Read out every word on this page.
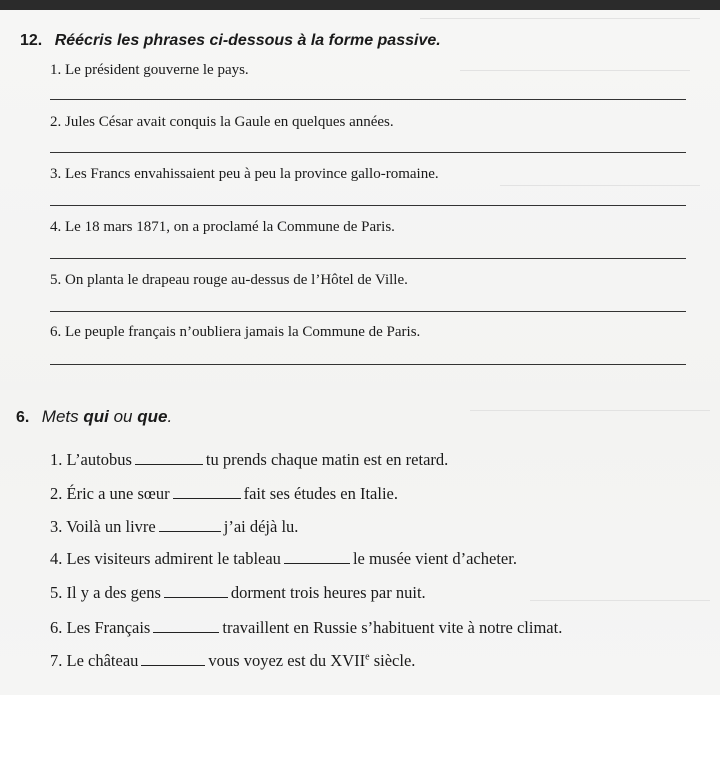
12. Réécris les phrases ci-dessous à la forme passive.
1. Le président gouverne le pays.
2. Jules César avait conquis la Gaule en quelques années.
3. Les Francs envahissaient peu à peu la province gallo-romaine.
4. Le 18 mars 1871, on a proclamé la Commune de Paris.
5. On planta le drapeau rouge au-dessus de l’Hôtel de Ville.
6. Le peuple français n’oubliera jamais la Commune de Paris.
6. Mets qui ou que.
1. L’autobus	tu prends chaque matin est en retard.
2. Éric a une sœur	fait ses études en Italie.
3. Voilà un livre	j’ai déjà lu.
4. Les visiteurs admirent le tableau	le musée vient d’acheter.
5. Il y a des gens	dorment trois heures par nuit.
6. Les Français	travaillent en Russie s’habituent vite à notre climat.
7. Le château	vous voyez est du XVIIe siècle.
